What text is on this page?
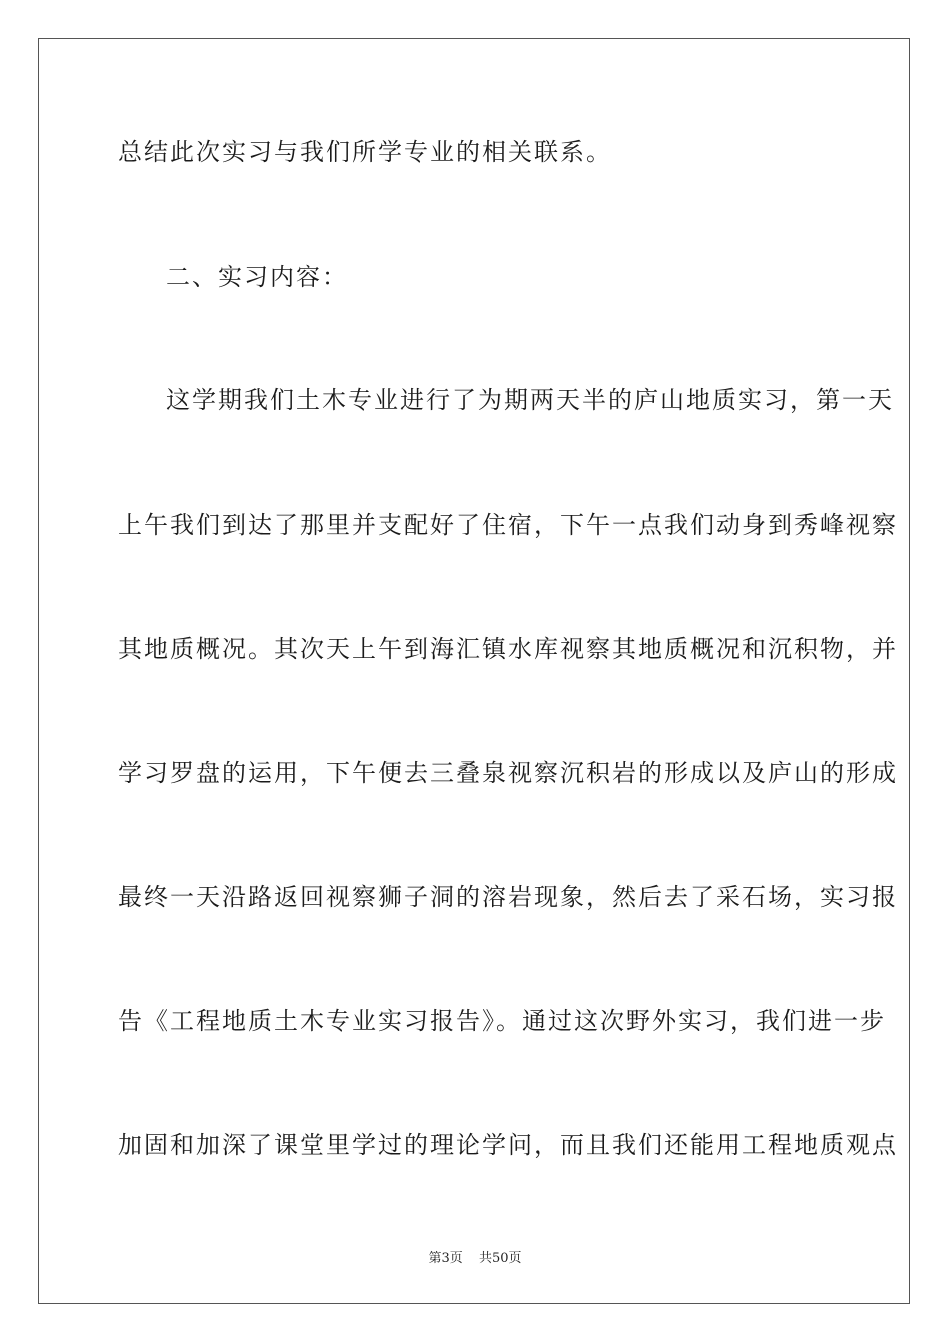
总结此次实习与我们所学专业的相关联系。
二、实习内容：
这学期我们土木专业进行了为期两天半的庐山地质实习，第一天
上午我们到达了那里并支配好了住宿，下午一点我们动身到秀峰视察
其地质概况。其次天上午到海汇镇水库视察其地质概况和沉积物，并
学习罗盘的运用，下午便去三叠泉视察沉积岩的形成以及庐山的形成
最终一天沿路返回视察狮子洞的溶岩现象，然后去了采石场，实习报
告《工程地质土木专业实习报告》。通过这次野外实习，我们进一步
加固和加深了课堂里学过的理论学问，而且我们还能用工程地质观点
第3页 共50页
